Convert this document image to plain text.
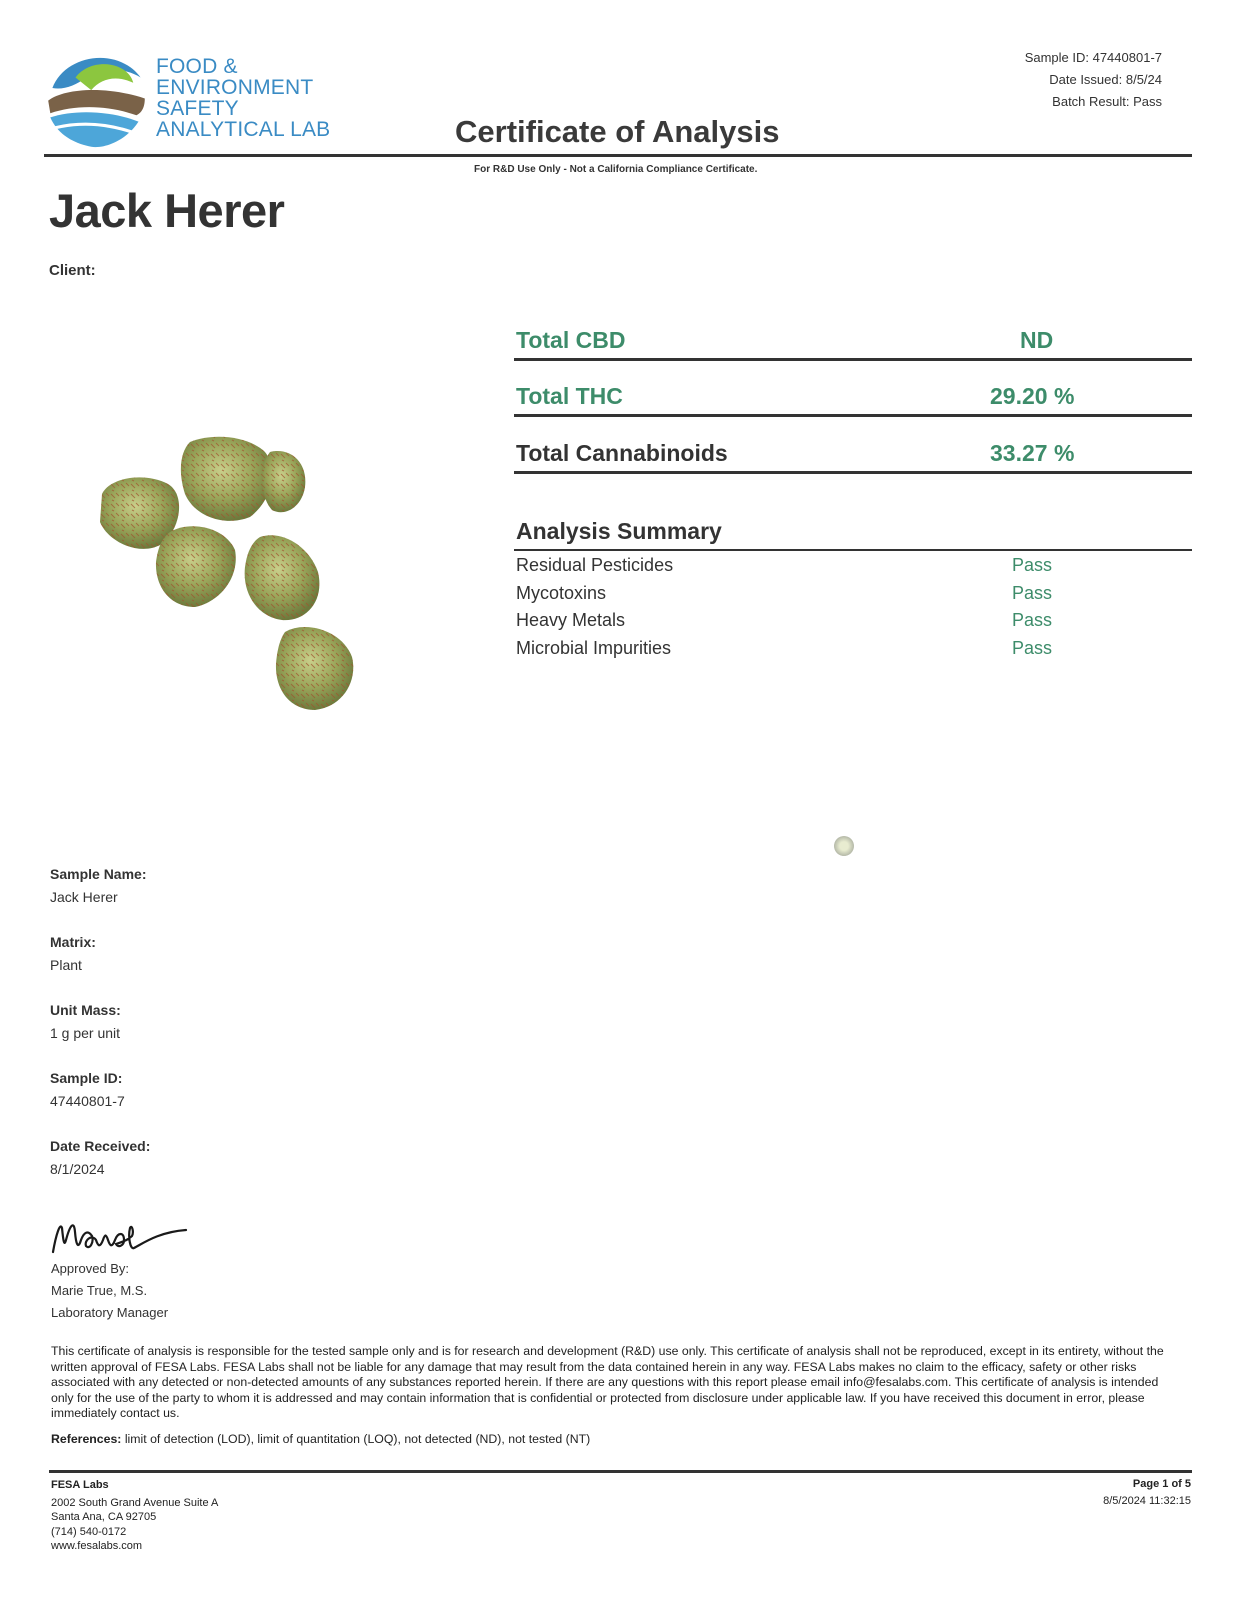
FOOD &
ENVIRONMENT
SAFETY
ANALYTICAL LAB
Sample ID: 47440801-7
Date Issued: 8/5/24
Batch Result: Pass
Certificate of Analysis
For R&D Use Only - Not a California Compliance Certificate.
Jack Herer
Client:
Total CBD	ND
Total THC	29.20 %
Total Cannabinoids	33.27 %
Analysis Summary
Residual Pesticides	Pass
Mycotoxins	Pass
Heavy Metals	Pass
Microbial Impurities	Pass
Sample Name:
Jack Herer
Matrix:
Plant
Unit Mass:
1 g per unit
Sample ID:
47440801-7
Date Received:
8/1/2024
Approved By:
Marie True, M.S.
Laboratory Manager
This certificate of analysis is responsible for the tested sample only and is for research and development (R&D) use only. This certificate of analysis shall not be reproduced, except in its entirety, without the written approval of FESA Labs. FESA Labs shall not be liable for any damage that may result from the data contained herein in any way. FESA Labs makes no claim to the efficacy, safety or other risks associated with any detected or non-detected amounts of any substances reported herein. If there are any questions with this report please email info@fesalabs.com. This certificate of analysis is intended only for the use of the party to whom it is addressed and may contain information that is confidential or protected from disclosure under applicable law. If you have received this document in error, please immediately contact us.
References: limit of detection (LOD), limit of quantitation (LOQ), not detected (ND), not tested (NT)
FESA Labs
2002 South Grand Avenue Suite A
Santa Ana, CA 92705
(714) 540-0172
www.fesalabs.com
Page 1 of 5
8/5/2024 11:32:15
